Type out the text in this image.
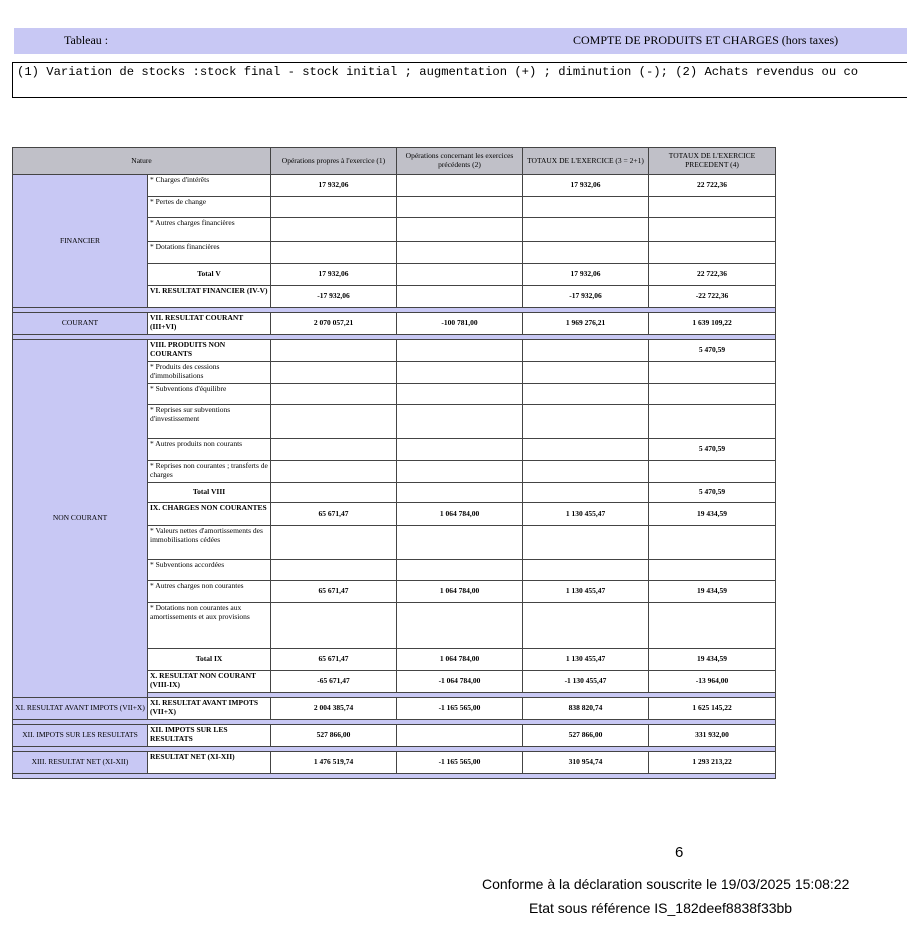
Tableau :	COMPTE DE PRODUITS ET CHARGES (hors taxes)
(1) Variation de stocks :stock final - stock initial ; augmentation (+) ; diminution (-); (2) Achats revendus ou co
Nature		Opérations propres à l'exercice (1)	Opérations concernant les exercices précédents (2)	TOTAUX DE L'EXERCICE (3 = 2+1)	TOTAUX DE L'EXERCICE PRECEDENT (4)
FINANCIER	* Charges d'intérêts	17 932,06		17 932,06	22 722,36
	* Pertes de change				
	* Autres charges financières				
	* Dotations financières				
	Total V	17 932,06		17 932,06	22 722,36
	VI. RESULTAT FINANCIER (IV-V)	-17 932,06		-17 932,06	-22 722,36

COURANT	VII. RESULTAT COURANT (III+VI)	2 070 057,21	-100 781,00	1 969 276,21	1 639 109,22

NON COURANT	VIII. PRODUITS NON COURANTS				5 470,59
	* Produits des cessions d'immobilisations				
	* Subventions d'équilibre				
	* Reprises sur subventions d'investissement				
	* Autres produits non courants				5 470,59
	* Reprises non courantes ; transferts de charges				
	Total VIII				5 470,59
	IX. CHARGES NON COURANTES	65 671,47	1 064 784,00	1 130 455,47	19 434,59
	* Valeurs nettes d'amortissements des immobilisations cédées				
	* Subventions accordées				
	* Autres charges non courantes	65 671,47	1 064 784,00	1 130 455,47	19 434,59
	* Dotations non courantes aux amortissements et aux provisions				
	Total IX	65 671,47	1 064 784,00	1 130 455,47	19 434,59
	X. RESULTAT NON COURANT (VIII-IX)	-65 671,47	-1 064 784,00	-1 130 455,47	-13 964,00

XI. RESULTAT AVANT IMPOTS (VII+X)	XI. RESULTAT AVANT IMPOTS (VII+X)	2 004 385,74	-1 165 565,00	838 820,74	1 625 145,22

XII. IMPOTS SUR LES RESULTATS	XII. IMPOTS SUR LES RESULTATS	527 866,00		527 866,00	331 932,00

XIII. RESULTAT NET (XI-XII)	RESULTAT NET (XI-XII)	1 476 519,74	-1 165 565,00	310 954,74	1 293 213,22

6
Conforme à la déclaration souscrite le 19/03/2025 15:08:22
Etat sous référence IS_182deef8838f33bb
